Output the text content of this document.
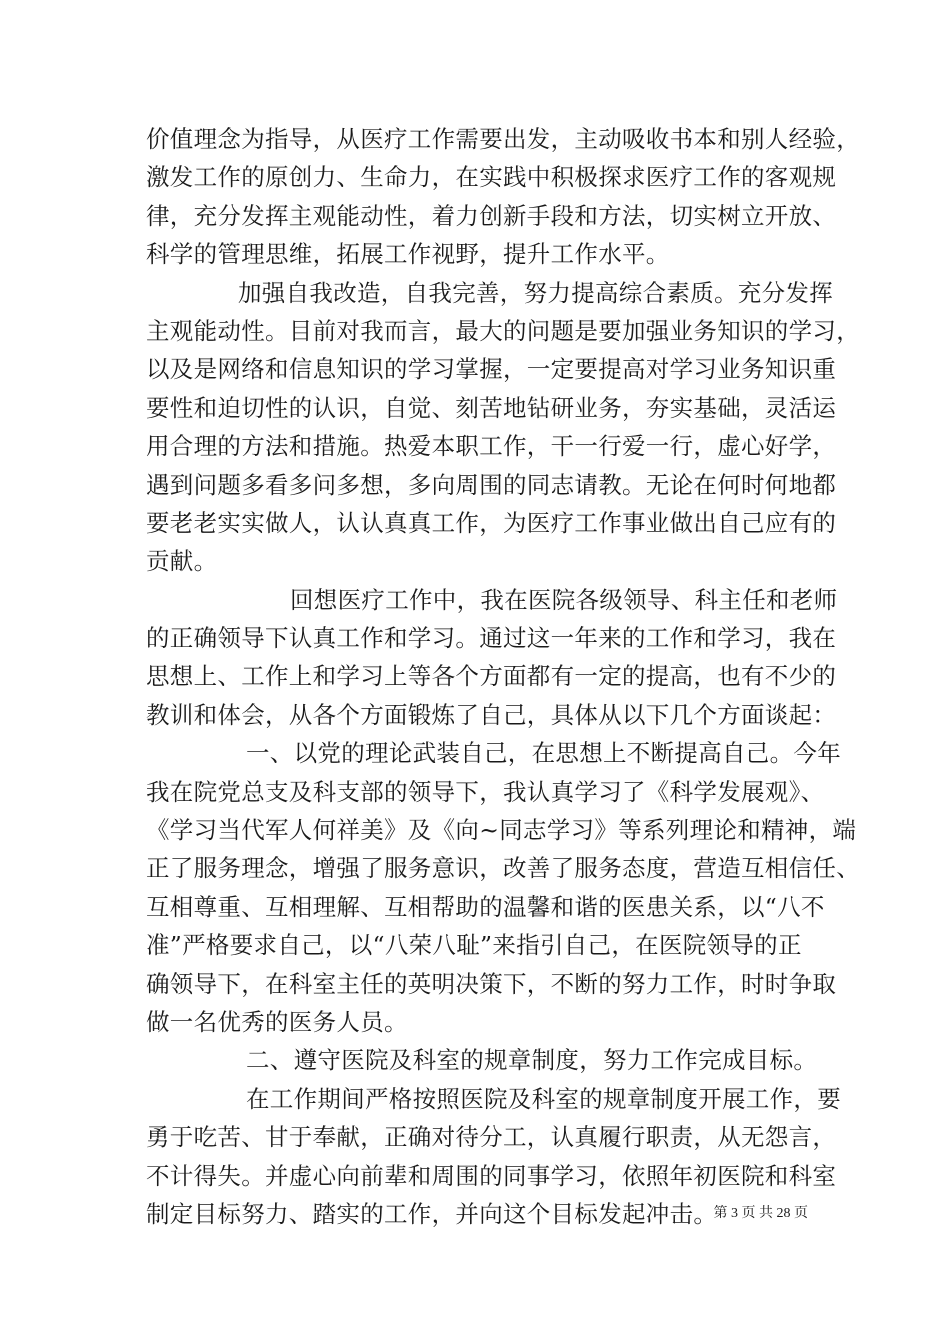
价值理念为指导，从医疗工作需要出发，主动吸收书本和别人经验，
激发工作的原创力、生命力，在实践中积极探求医疗工作的客观规
律，充分发挥主观能动性，着力创新手段和方法，切实树立开放、
科学的管理思维，拓展工作视野，提升工作水平。
加强自我改造，自我完善，努力提高综合素质。充分发挥
主观能动性。目前对我而言，最大的问题是要加强业务知识的学习，
以及是网络和信息知识的学习掌握，一定要提高对学习业务知识重
要性和迫切性的认识，自觉、刻苦地钻研业务，夯实基础，灵活运
用合理的方法和措施。热爱本职工作，干一行爱一行，虚心好学，
遇到问题多看多问多想，多向周围的同志请教。无论在何时何地都
要老老实实做人，认认真真工作，为医疗工作事业做出自己应有的
贡献。
回想医疗工作中，我在医院各级领导、科主任和老师
的正确领导下认真工作和学习。通过这一年来的工作和学习，我在
思想上、工作上和学习上等各个方面都有一定的提高，也有不少的
教训和体会，从各个方面锻炼了自己，具体从以下几个方面谈起：
一、以党的理论武装自己，在思想上不断提高自己。今年
我在院党总支及科支部的领导下，我认真学习了《科学发展观》、
《学习当代军人何祥美》及《向~同志学习》等系列理论和精神，端
正了服务理念，增强了服务意识，改善了服务态度，营造互相信任、
互相尊重、互相理解、互相帮助的温馨和谐的医患关系，以“八不
准”严格要求自己，以“八荣八耻”来指引自己，在医院领导的正
确领导下，在科室主任的英明决策下，不断的努力工作，时时争取
做一名优秀的医务人员。
二、遵守医院及科室的规章制度，努力工作完成目标。
在工作期间严格按照医院及科室的规章制度开展工作，要
勇于吃苦、甘于奉献，正确对待分工，认真履行职责，从无怨言，
不计得失。并虚心向前辈和周围的同事学习，依照年初医院和科室
制定目标努力、踏实的工作，并向这个目标发起冲击。
第 3 页 共 28 页
